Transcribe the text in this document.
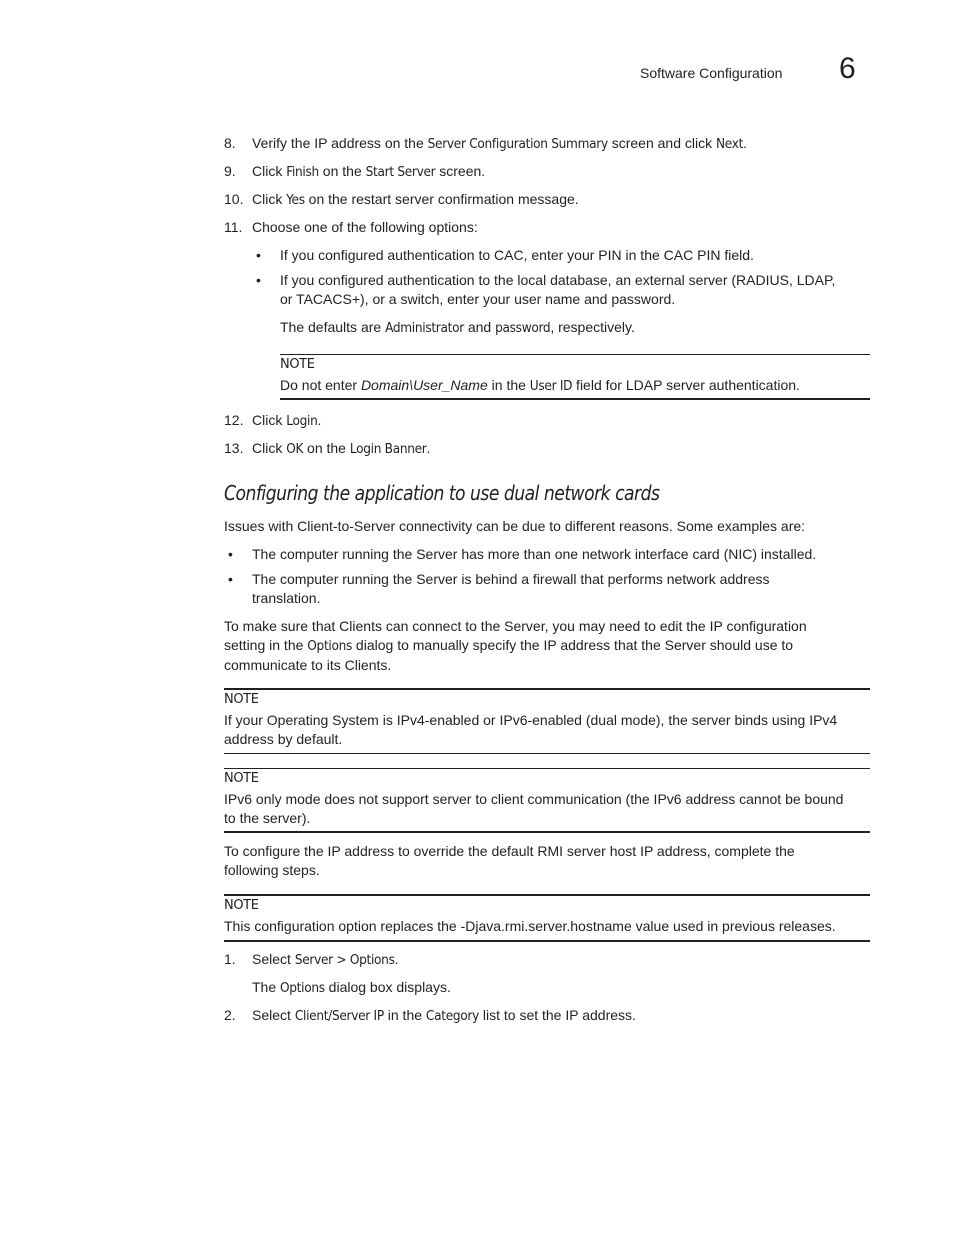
Software Configuration 6
8. Verify the IP address on the Server Configuration Summary screen and click Next.
9. Click Finish on the Start Server screen.
10. Click Yes on the restart server confirmation message.
11. Choose one of the following options:
• If you configured authentication to CAC, enter your PIN in the CAC PIN field.
• If you configured authentication to the local database, an external server (RADIUS, LDAP,
or TACACS+), or a switch, enter your user name and password.
The defaults are Administrator and password, respectively.
NOTE
Do not enter Domain\User_Name in the User ID field for LDAP server authentication.
12. Click Login.
13. Click OK on the Login Banner.
Configuring the application to use dual network cards
Issues with Client-to-Server connectivity can be due to different reasons. Some examples are:
• The computer running the Server has more than one network interface card (NIC) installed.
• The computer running the Server is behind a firewall that performs network address
translation.
To make sure that Clients can connect to the Server, you may need to edit the IP configuration
setting in the Options dialog to manually specify the IP address that the Server should use to
communicate to its Clients.
NOTE
If your Operating System is IPv4-enabled or IPv6-enabled (dual mode), the server binds using IPv4
address by default.
NOTE
IPv6 only mode does not support server to client communication (the IPv6 address cannot be bound
to the server).
To configure the IP address to override the default RMI server host IP address, complete the
following steps.
NOTE
This configuration option replaces the -Djava.rmi.server.hostname value used in previous releases.
1. Select Server > Options.
The Options dialog box displays.
2. Select Client/Server IP in the Category list to set the IP address.
